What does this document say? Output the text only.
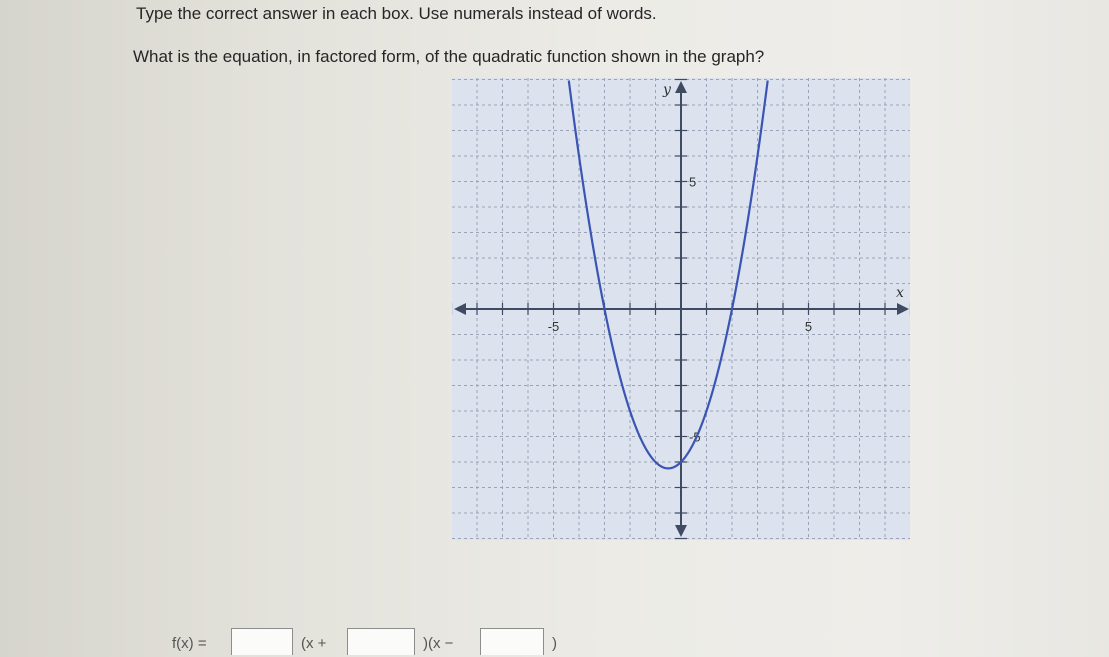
Type the correct answer in each box. Use numerals instead of words.
What is the equation, in factored form, of the quadratic function shown in the graph?
-5	5
5
-5
x
y
f(x) =	(x +	)(x −	)
